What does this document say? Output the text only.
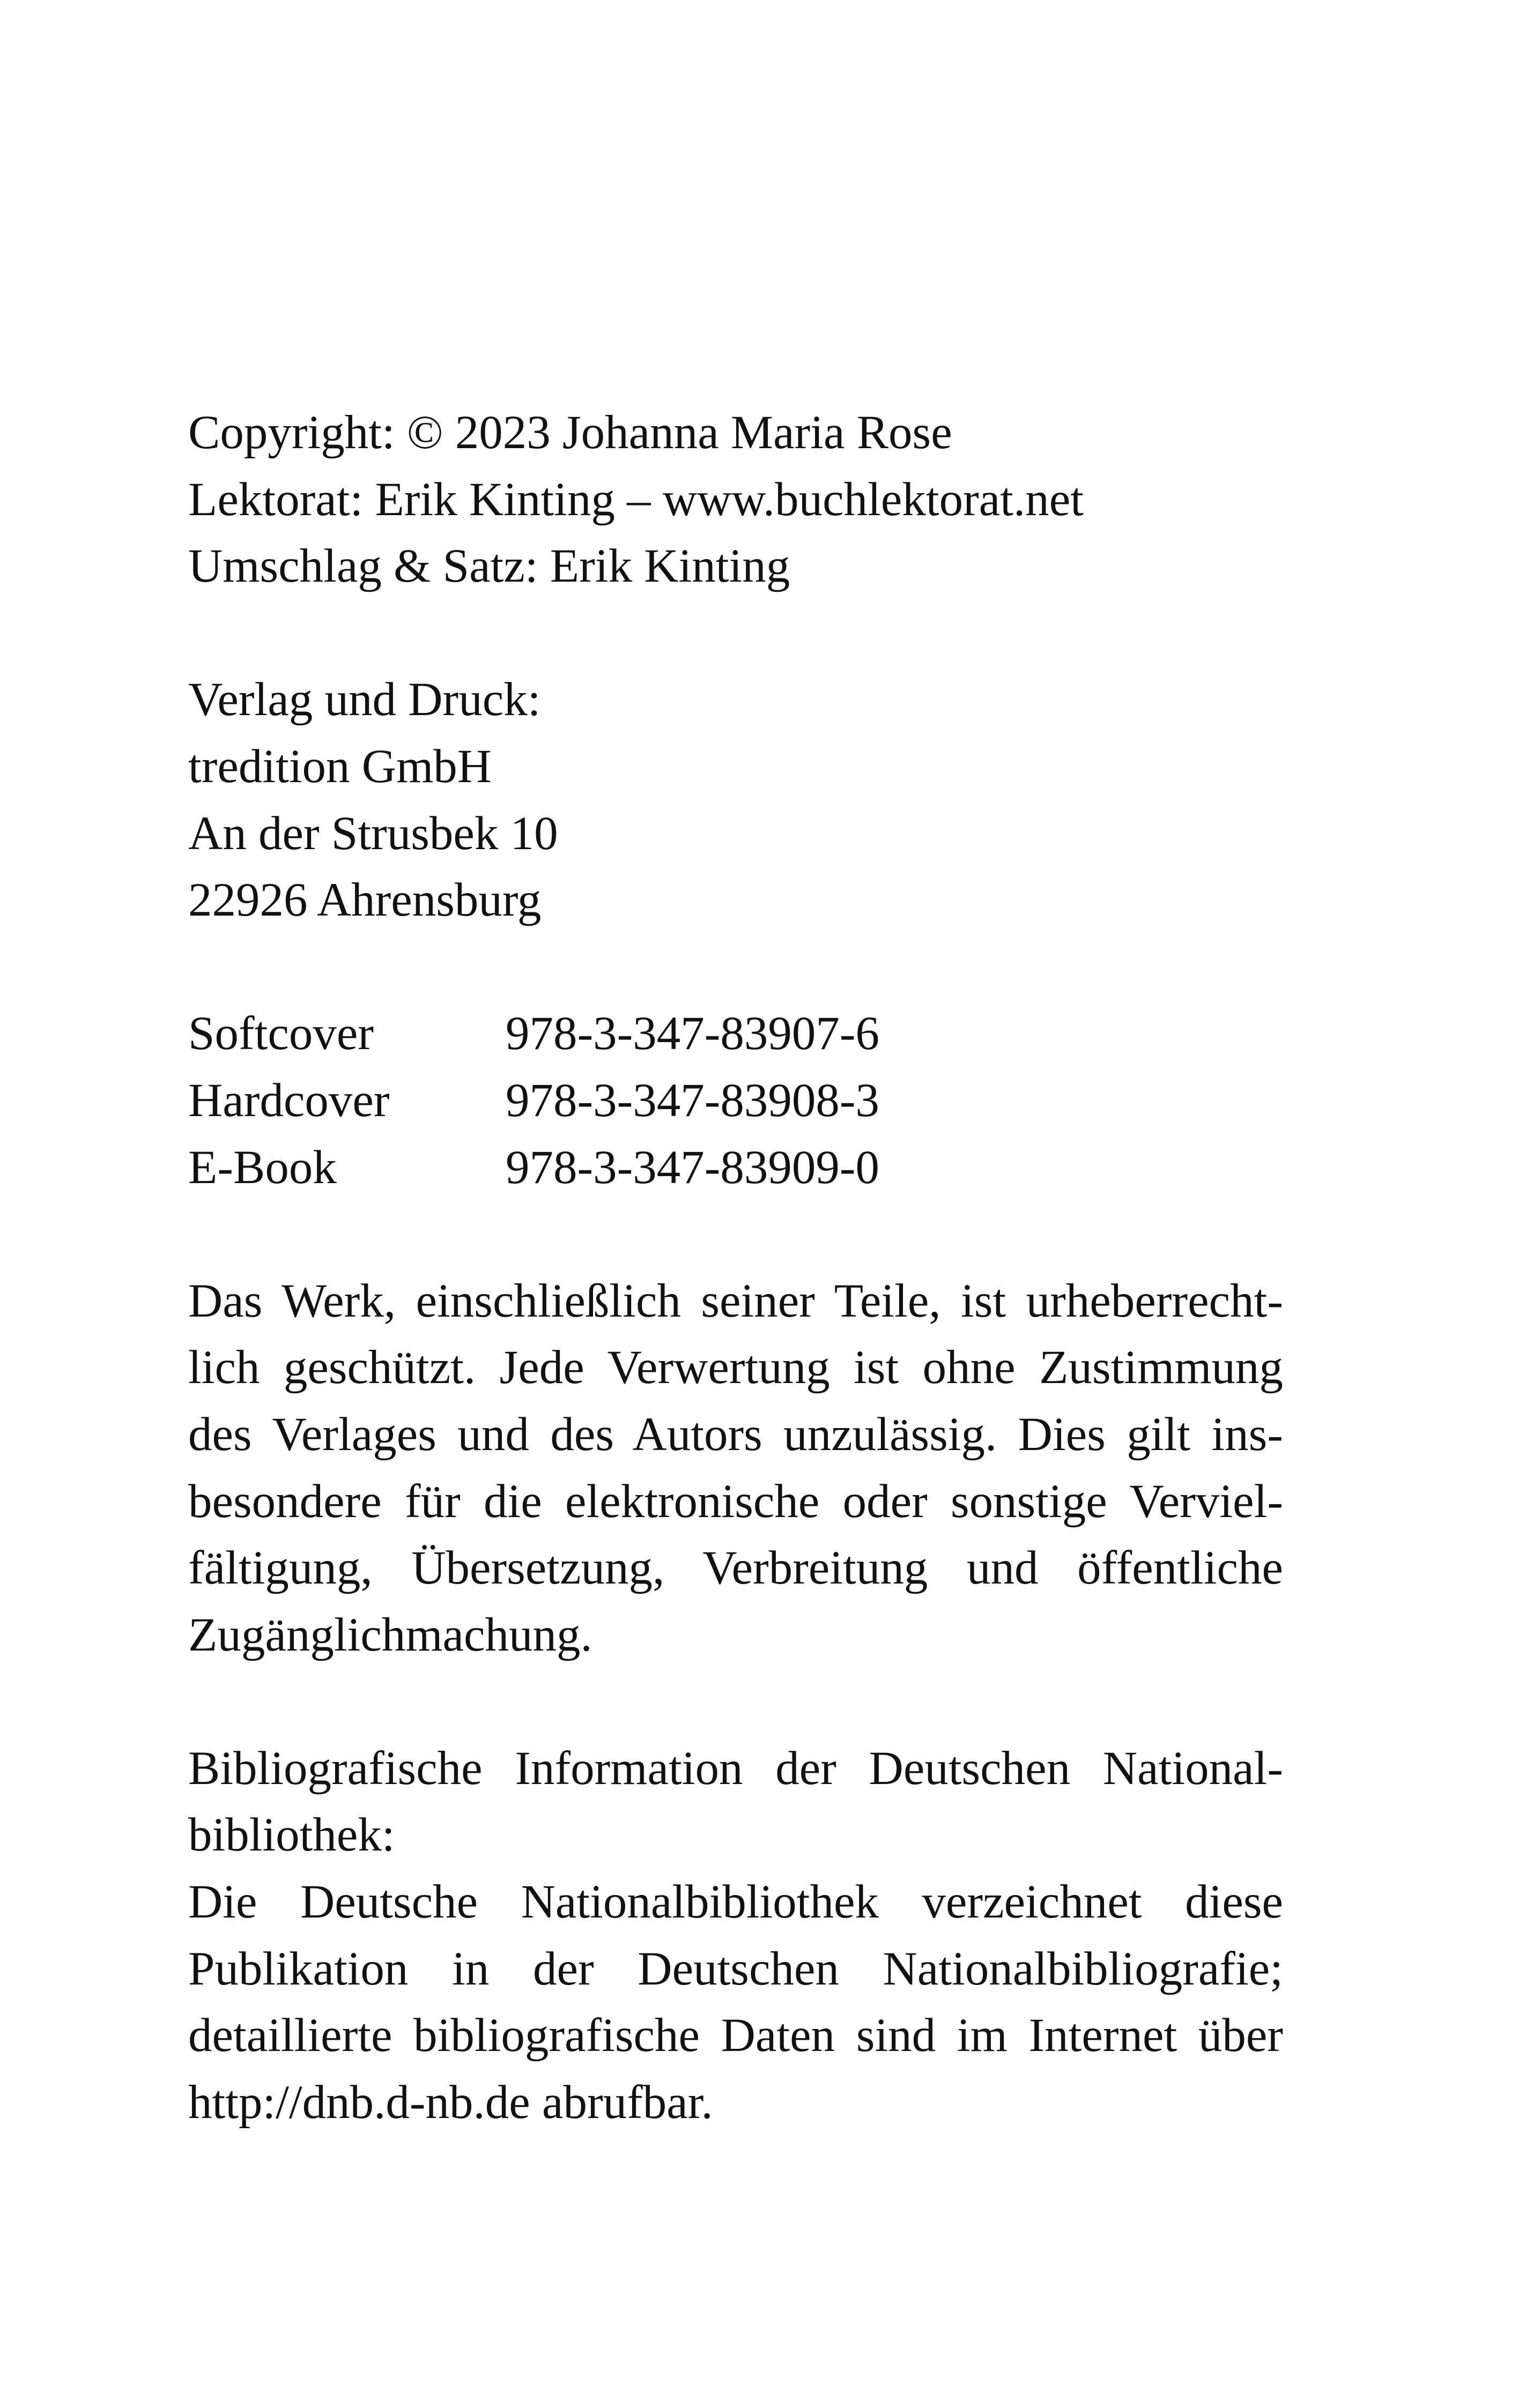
Copyright: © 2023 Johanna Maria Rose
Lektorat: Erik Kinting – www.buchlektorat.net
Umschlag & Satz: Erik Kinting
Verlag und Druck:
tredition GmbH
An der Strusbek 10
22926 Ahrensburg
Softcover	978-3-347-83907-6
Hardcover 978-3-347-83908-3
E-Book	978-3-347-83909-0
Das Werk, einschließlich seiner Teile, ist urheberrecht-
lich geschützt. Jede Verwertung ist ohne Zustimmung
des Verlages und des Autors unzulässig. Dies gilt ins-
besondere für die elektronische oder sonstige Verviel-
fältigung, Übersetzung, Verbreitung und öffentliche
Zugänglichmachung.
Bibliografische Information der Deutschen National-
bibliothek:
Die Deutsche Nationalbibliothek verzeichnet diese
Publikation in der Deutschen Nationalbibliografie;
detaillierte bibliografische Daten sind im Internet über
http://dnb.d-nb.de abrufbar.
